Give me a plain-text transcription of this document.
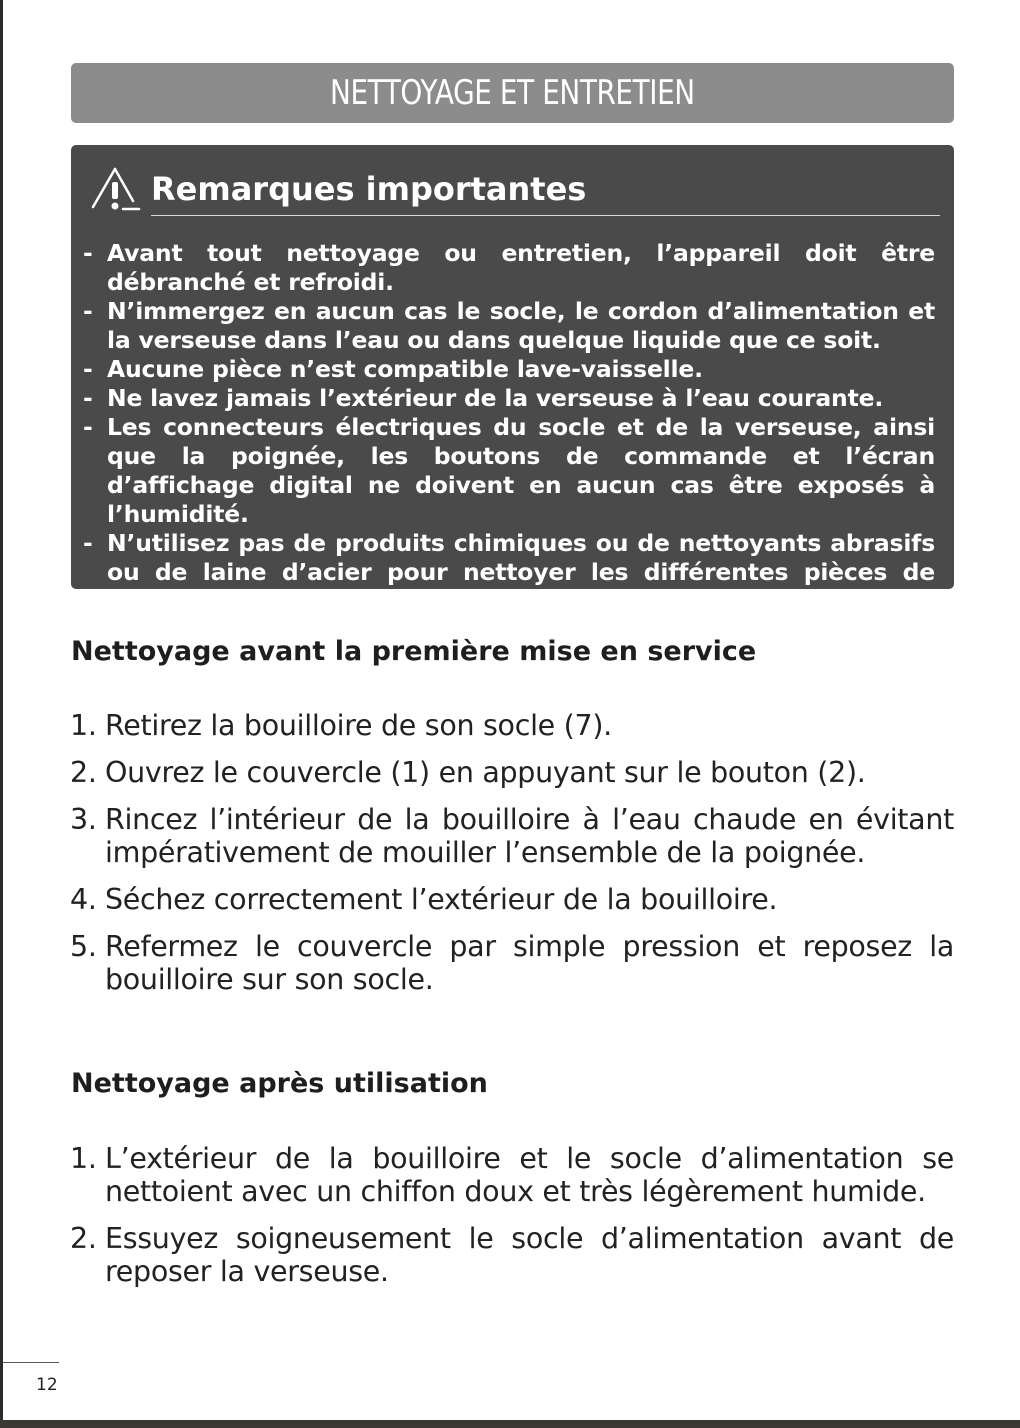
NETTOYAGE ET ENTRETIEN
Remarques importantes
- Avant tout nettoyage ou entretien, l’appareil doit être débranché et refroidi.
- N’immergez en aucun cas le socle, le cordon d’alimentation et la verseuse dans l’eau ou dans quelque liquide que ce soit.
- Aucune pièce n’est compatible lave-vaisselle.
- Ne lavez jamais l’extérieur de la verseuse à l’eau courante.
- Les connecteurs électriques du socle et de la verseuse, ainsi que la poignée, les boutons de commande et l’écran d’affichage digital ne doivent en aucun cas être exposés à l’humidité.
- N’utilisez pas de produits chimiques ou de nettoyants abrasifs ou de laine d’acier pour nettoyer les différentes pièces de l’appareil.
Nettoyage avant la première mise en service
1. Retirez la bouilloire de son socle (7).
2. Ouvrez le couvercle (1) en appuyant sur le bouton (2).
3. Rincez l’intérieur de la bouilloire à l’eau chaude en évitant impérativement de mouiller l’ensemble de la poignée.
4. Séchez correctement l’extérieur de la bouilloire.
5. Refermez le couvercle par simple pression et reposez la bouilloire sur son socle.
Nettoyage après utilisation
1. L’extérieur de la bouilloire et le socle d’alimentation se nettoient avec un chiffon doux et très légèrement humide.
2. Essuyez soigneusement le socle d’alimentation avant de reposer la verseuse.
12
